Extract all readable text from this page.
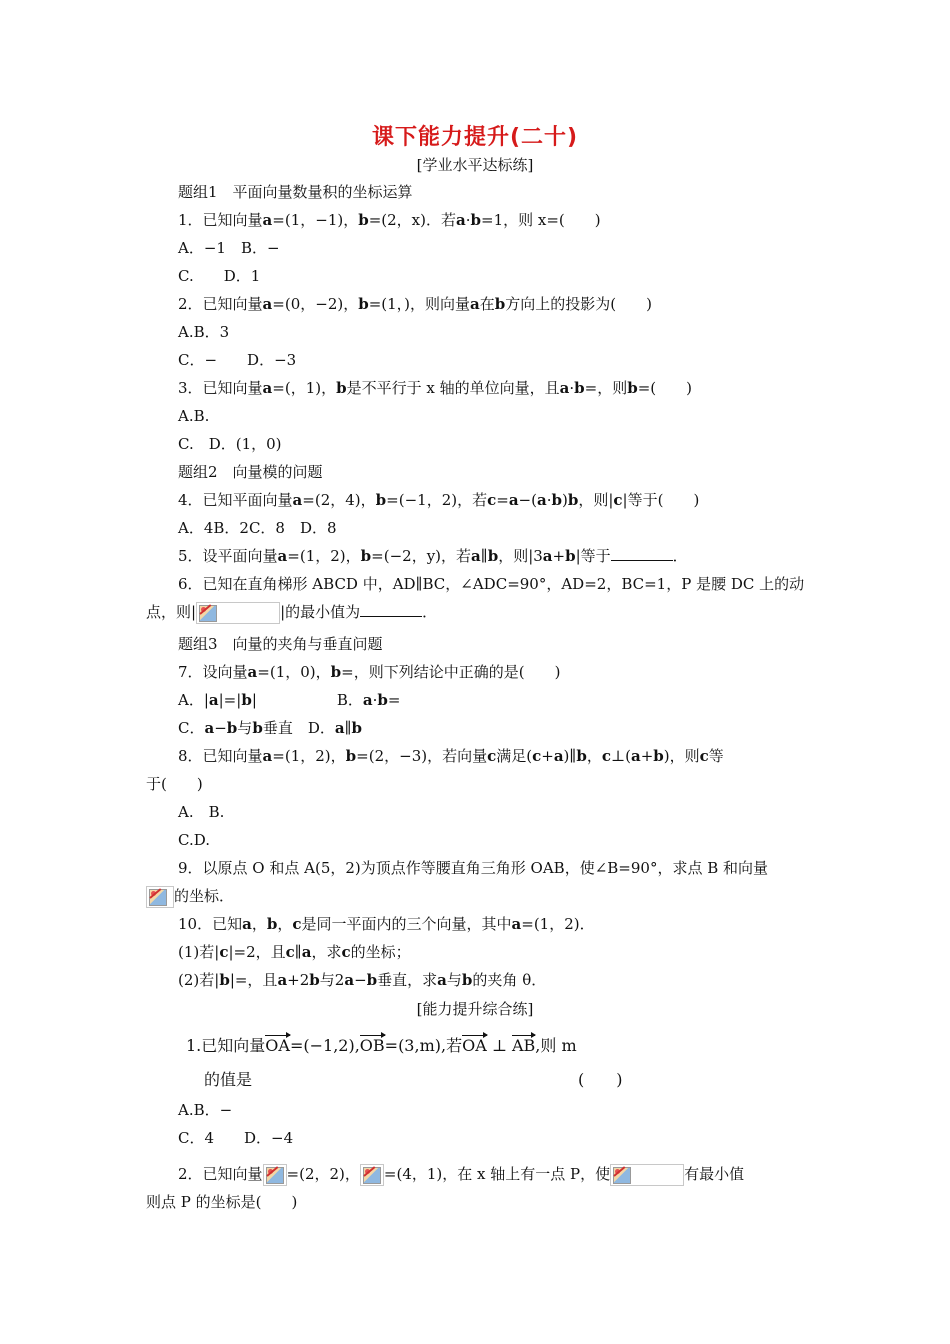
课下能力提升(二十)
[学业水平达标练]
题组1　平面向量数量积的坐标运算
1．已知向量a=(1，−1)，b=(2，x)．若a·b=1，则 x=(　　)
A．−1　B．−
C.　　D．1
2．已知向量a=(0，−2)，b=(1，)，则向量a在b方向上的投影为(　　)
A.B．3
C．−　　D．−3
3．已知向量a=(，1)，b是不平行于 x 轴的单位向量，且a·b=，则b=(　　)
A.B.
C.　D．(1，0)
题组2　向量模的问题
4．已知平面向量a=(2，4)，b=(−1，2)，若c=a−(a·b)b，则|c|等于(　　)
A．4B．2C．8　D．8
5．设平面向量a=(1，2)，b=(−2，y)，若a∥b，则|3a+b|等于	．
6．已知在直角梯形 ABCD 中，AD∥BC，∠ADC=90°，AD=2，BC=1，P 是腰 DC 上的动
点，则|	|的最小值为	．
题组3　向量的夹角与垂直问题
7．设向量a=(1，0)，b=，则下列结论中正确的是(　　)
A．|a|=|b|	B．a·b=
C．a−b与b垂直　D．a∥b
8．已知向量a=(1，2)，b=(2，−3)，若向量c满足(c+a)∥b，c⊥(a+b)，则c等
于(　　)
A.　B.
C.D.
9．以原点 O 和点 A(5，2)为顶点作等腰直角三角形 OAB，使∠B=90°，求点 B 和向量
的坐标．
10．已知a，b，c是同一平面内的三个向量，其中a=(1，2)．
(1)若|c|=2，且c∥a，求c的坐标；
(2)若|b|=，且a+2b与2a−b垂直，求a与b的夹角 θ．
[能力提升综合练]
1.已知向量OA=(−1,2),OB=(3,m),若OA ⊥ AB,则 m
的值是	(　　)
A.B．−
C．4　　D．−4
2．已知向量 =(2，2)， =(4，1)，在 x 轴上有一点 P，使	有最小值
则点 P 的坐标是(　　)
